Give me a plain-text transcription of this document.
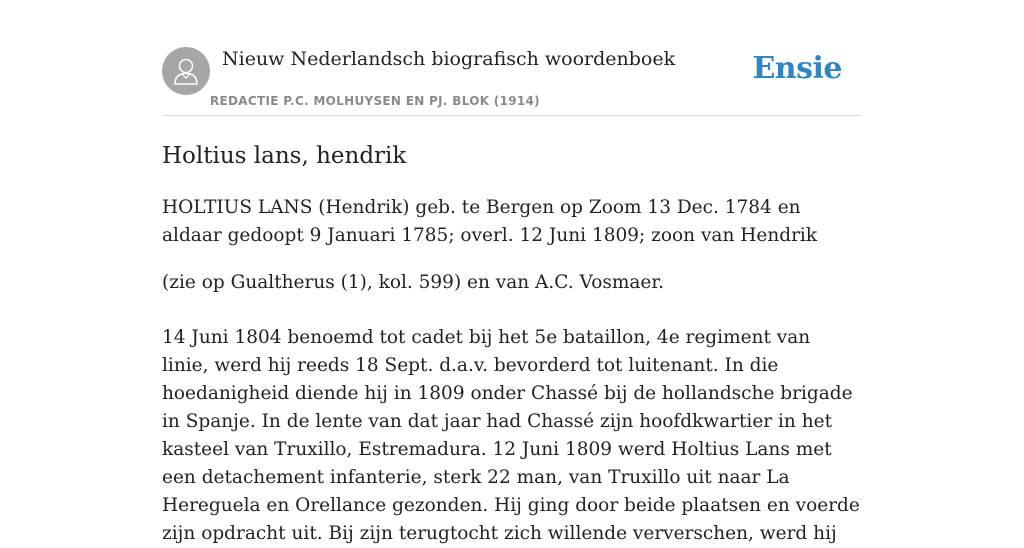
Nieuw Nederlandsch biografisch woordenboek
REDACTIE P.C. MOLHUYSEN EN PJ. BLOK (1914)
Ensie
Holtius lans, hendrik

HOLTIUS LANS (Hendrik) geb. te Bergen op Zoom 13 Dec. 1784 en aldaar gedoopt 9 Januari 1785; overl. 12 Juni 1809; zoon van Hendrik

(zie op Gualtherus (1), kol. 599) en van A.C. Vosmaer.

14 Juni 1804 benoemd tot cadet bij het 5e bataillon, 4e regiment van linie, werd hij reeds 18 Sept. d.a.v. bevorderd tot luitenant. In die hoedanigheid diende hij in 1809 onder Chassé bij de hollandsche brigade in Spanje. In de lente van dat jaar had Chassé zijn hoofdkwartier in het kasteel van Truxillo, Estremadura. 12 Juni 1809 werd Holtius Lans met een detachement infanterie, sterk 22 man, van Truxillo uit naar La Hereguela en Orellance gezonden. Hij ging door beide plaatsen en voerde zijn opdracht uit. Bij zijn terugtocht zich willende ververschen, werd hij
